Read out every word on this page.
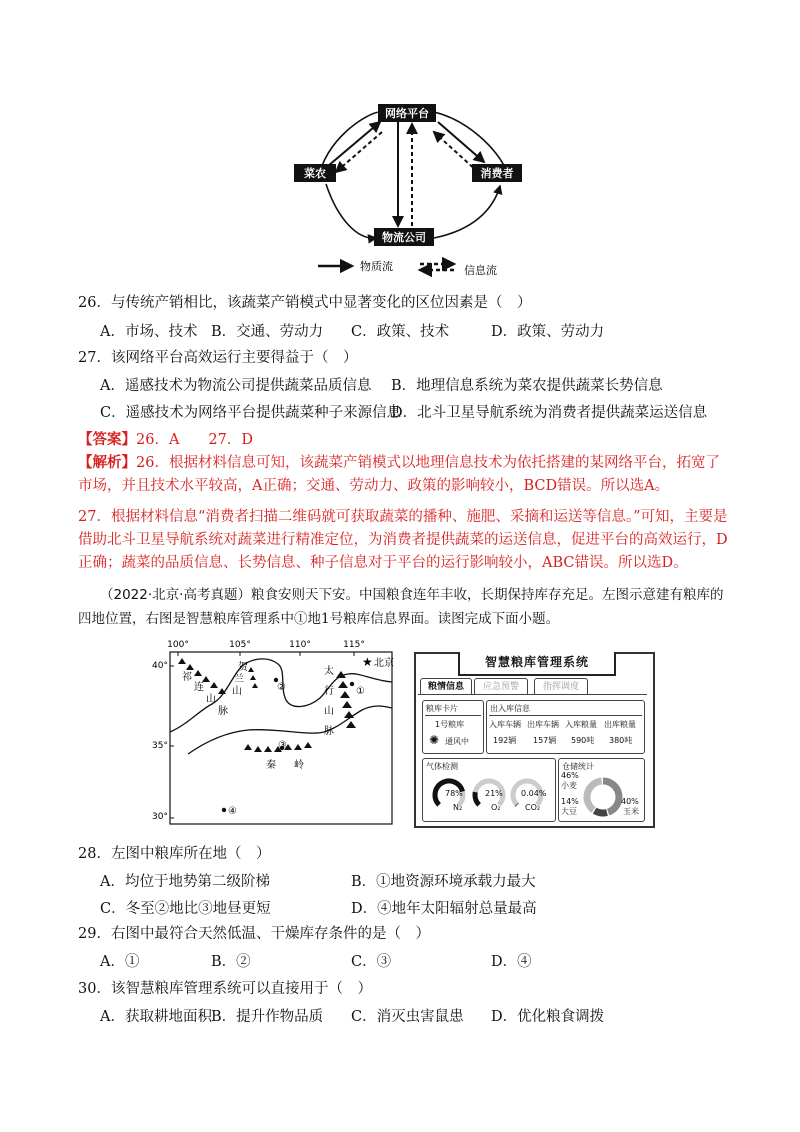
网络平台
菜农	消费者
物流公司
物质流	信息流
26．与传统产销相比，该蔬菜产销模式中显著变化的区位因素是（　）
A．市场、技术 B．交通、劳动力 C．政策、技术	D．政策、劳动力
27．该网络平台高效运行主要得益于（　）
A．遥感技术为物流公司提供蔬菜品质信息 B．地理信息系统为菜农提供蔬菜长势信息
C．遥感技术为网络平台提供蔬菜种子来源信息
D．北斗卫星导航系统为消费者提供蔬菜运送信息
【答案】26．A　　27．D
【解析】26．根据材料信息可知，该蔬菜产销模式以地理信息技术为依托搭建的某网络平台，拓宽了市场，并且技术水平较高，A正确；交通、劳动力、政策的影响较小，BCD错误。所以选A。
27．根据材料信息“消费者扫描二维码就可获取蔬菜的播种、施肥、采摘和运送等信息。”可知，主要是借助北斗卫星导航系统对蔬菜进行精准定位，为消费者提供蔬菜的运送信息，促进平台的高效运行，D正确；蔬菜的品质信息、长势信息、种子信息对于平台的运行影响较小，ABC错误。所以选D。
（2022·北京·高考真题）粮食安则天下安。中国粮食连年丰收，长期保持库存充足。左图示意建有粮库的四地位置，右图是智慧粮库管理系中①地1号粮库信息界面。读图完成下面小题。
100°	105°	110°	115°
40°
35°
30°
祁
连
山
脉
贺
兰
山
太
行
山
脉
秦 岭
★ 北京
①
②
③
④
智慧粮库管理系统
粮情信息	应急预警	指挥调度
粮库卡片
1号粮库
✺ 通风中
出入库信息
入库车辆 出库车辆 入库粮量 出库粮量
192辆 157辆 590吨 380吨
气体检测
78%
N₂
21%
O₂
0.04%
CO₂
仓储统计
46%
小麦
14%
大豆
40%
玉米
28．左图中粮库所在地（　）
A．均位于地势第二级阶梯	B．①地资源环境承载力最大
C．冬至②地比③地昼更短	D．④地年太阳辐射总量最高
29．右图中最符合天然低温、干燥库存条件的是（　）
A．①	B．②	C．③	D．④
30．该智慧粮库管理系统可以直接用于（　）
A．获取耕地面积 B．提升作物品质 C．消灭虫害鼠患 D．优化粮食调拨
